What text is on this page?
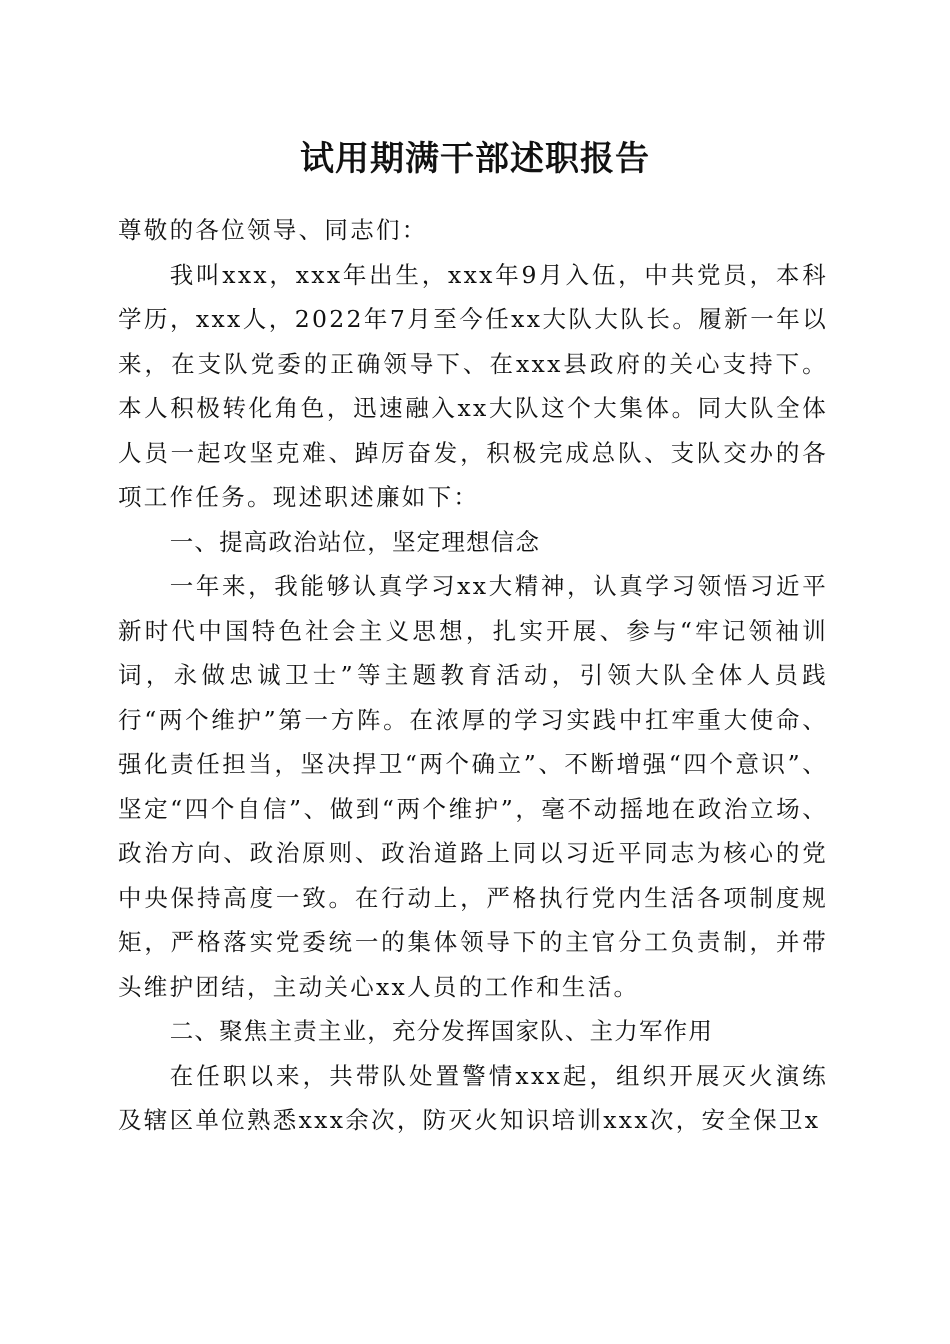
试用期满干部述职报告

尊敬的各位领导、同志们：

我叫xxx，xxx年出生，xxx年9月入伍，中共党员，本科学历，xxx人，2022年7月至今任xx大队大队长。履新一年以来，在支队党委的正确领导下、在xxx县政府的关心支持下。本人积极转化角色，迅速融入xx大队这个大集体。同大队全体人员一起攻坚克难、踔厉奋发，积极完成总队、支队交办的各项工作任务。现述职述廉如下：

一、提高政治站位，坚定理想信念

一年来，我能够认真学习xx大精神，认真学习领悟习近平新时代中国特色社会主义思想，扎实开展、参与“牢记领袖训词，永做忠诚卫士”等主题教育活动，引领大队全体人员践行“两个维护”第一方阵。在浓厚的学习实践中扛牢重大使命、强化责任担当，坚决捍卫“两个确立”、不断增强“四个意识”、坚定“四个自信”、做到“两个维护”，毫不动摇地在政治立场、政治方向、政治原则、政治道路上同以习近平同志为核心的党中央保持高度一致。在行动上，严格执行党内生活各项制度规矩，严格落实党委统一的集体领导下的主官分工负责制，并带头维护团结，主动关心xx人员的工作和生活。

二、聚焦主责主业，充分发挥国家队、主力军作用

在任职以来，共带队处置警情xxx起，组织开展灭火演练及辖区单位熟悉xxx余次，防灭火知识培训xxx次，安全保卫x
